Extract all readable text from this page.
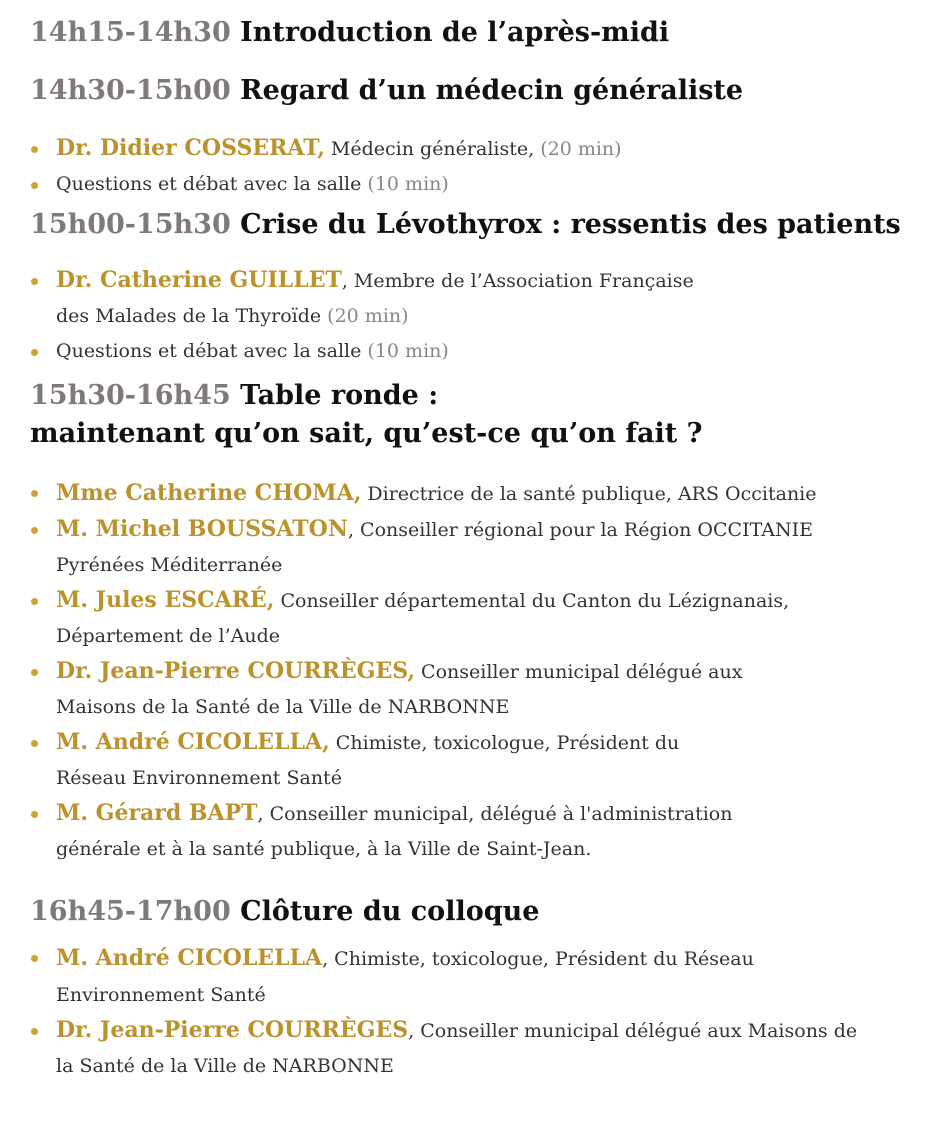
14h15-14h30 Introduction de l’après-midi
14h30-15h00 Regard d’un médecin généraliste
Dr. Didier COSSERAT, Médecin généraliste, (20 min)
Questions et débat avec la salle (10 min)
15h00-15h30 Crise du Lévothyrox : ressentis des patients
Dr. Catherine GUILLET, Membre de l’Association Française
des Malades de la Thyroïde (20 min)
Questions et débat avec la salle (10 min)
15h30-16h45 Table ronde :
maintenant qu’on sait, qu’est-ce qu’on fait ?
Mme Catherine CHOMA, Directrice de la santé publique, ARS Occitanie
M. Michel BOUSSATON, Conseiller régional pour la Région OCCITANIE
Pyrénées Méditerranée
M. Jules ESCARÉ, Conseiller départemental du Canton du Lézignanais,
Département de l’Aude
Dr. Jean-Pierre COURRÈGES, Conseiller municipal délégué aux
Maisons de la Santé de la Ville de NARBONNE
M. André CICOLELLA, Chimiste, toxicologue, Président du
Réseau Environnement Santé
M. Gérard BAPT, Conseiller municipal, délégué à l'administration
générale et à la santé publique, à la Ville de Saint-Jean.
16h45-17h00 Clôture du colloque
M. André CICOLELLA, Chimiste, toxicologue, Président du Réseau
Environnement Santé
Dr. Jean-Pierre COURRÈGES, Conseiller municipal délégué aux Maisons de
la Santé de la Ville de NARBONNE
